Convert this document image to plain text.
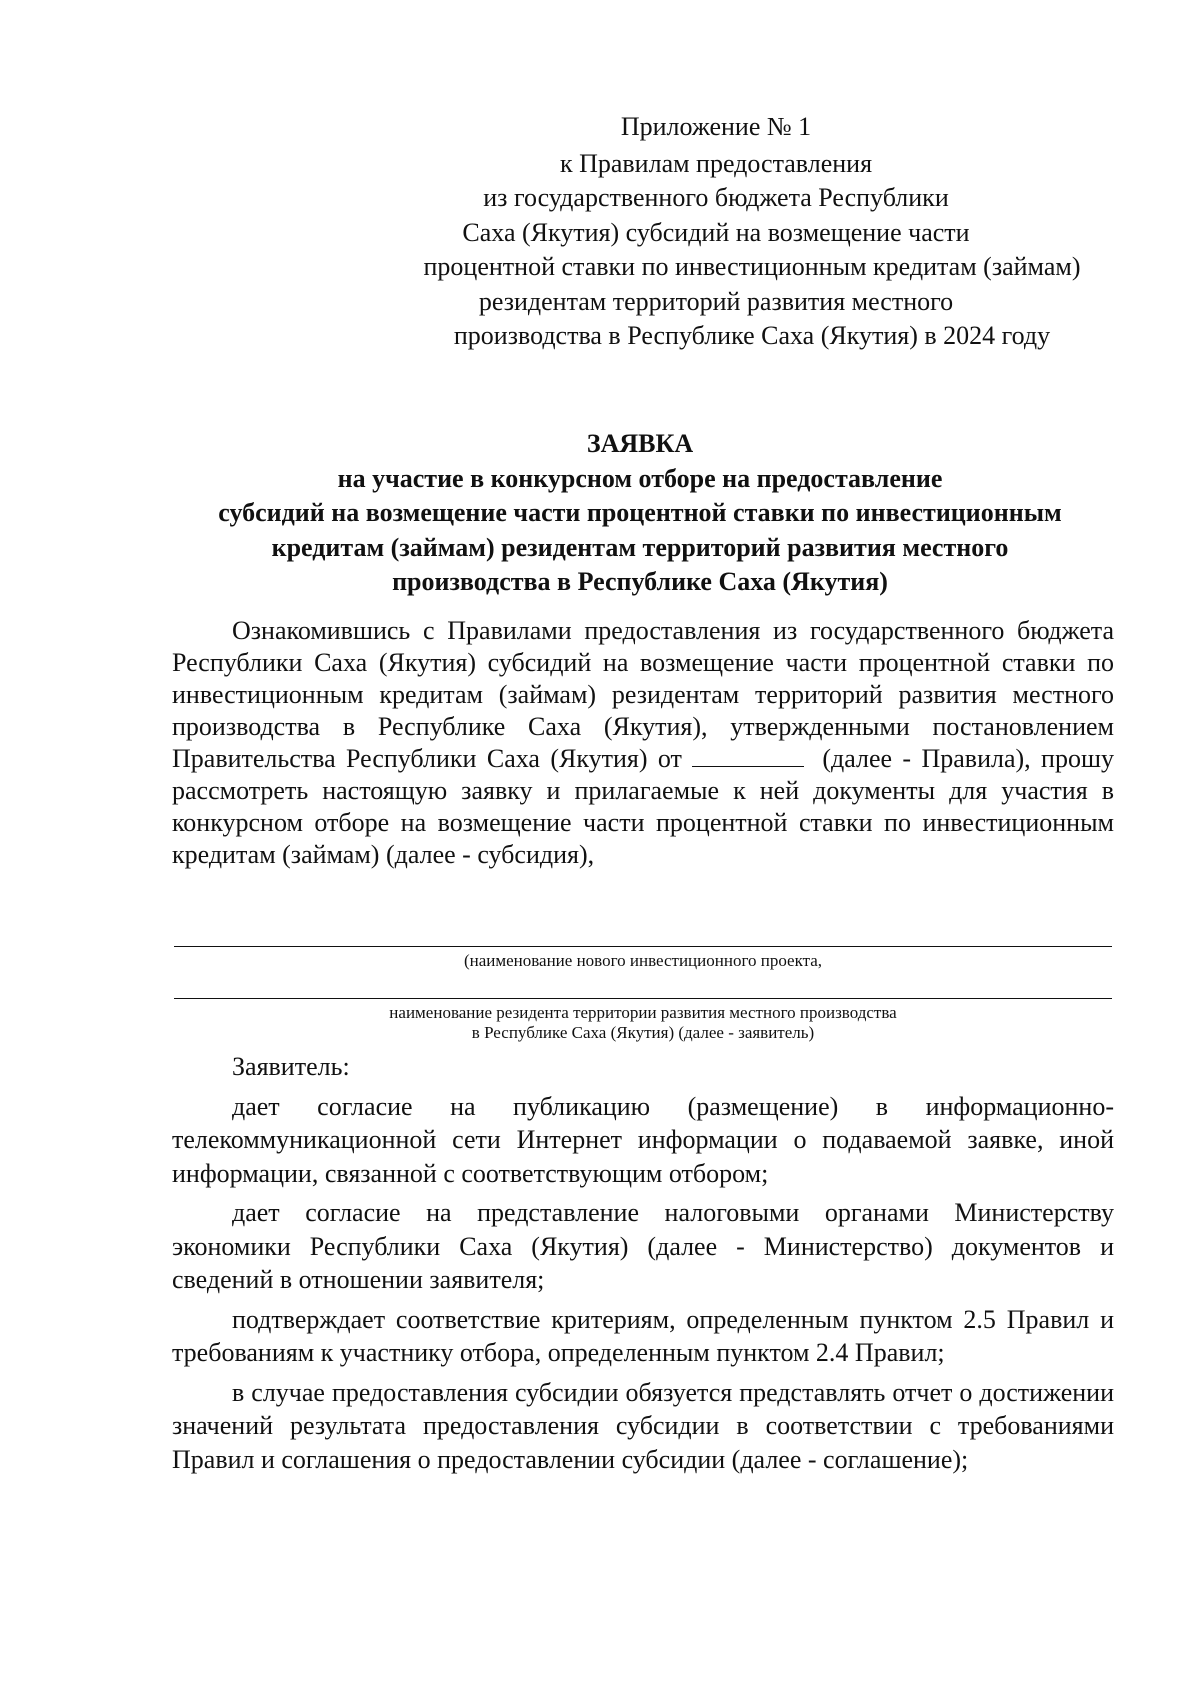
Приложение № 1
к Правилам предоставления
из государственного бюджета Республики
Саха (Якутия) субсидий на возмещение части
процентной ставки по инвестиционным кредитам (займам)
резидентам территорий развития местного
производства в Республике Саха (Якутия) в 2024 году
ЗАЯВКА
на участие в конкурсном отборе на предоставление
субсидий на возмещение части процентной ставки по инвестиционным
кредитам (займам) резидентам территорий развития местного
производства в Республике Саха (Якутия)

Ознакомившись с Правилами предоставления из государственного бюджета Республики Саха (Якутия) субсидий на возмещение части процентной ставки по инвестиционным кредитам (займам) резидентам территорий развития местного производства в Республике Саха (Якутия), утвержденными постановлением Правительства Республики Саха (Якутия) от	(далее - Правила), прошу рассмотреть настоящую заявку и прилагаемые к ней документы для участия в конкурсном отборе на возмещение части процентной ставки по инвестиционным кредитам (займам) (далее - субсидия),

(наименование нового инвестиционного проекта,
наименование резидента территории развития местного производства
в Республике Саха (Якутия) (далее - заявитель)

Заявитель:

дает согласие на публикацию (размещение) в информационно-телекоммуникационной сети Интернет информации о подаваемой заявке, иной информации, связанной с соответствующим отбором;

дает согласие на представление налоговыми органами Министерству экономики Республики Саха (Якутия) (далее - Министерство) документов и сведений в отношении заявителя;

подтверждает соответствие критериям, определенным пунктом 2.5 Правил и требованиям к участнику отбора, определенным пунктом 2.4 Правил;

в случае предоставления субсидии обязуется представлять отчет о достижении значений результата предоставления субсидии в соответствии с требованиями Правил и соглашения о предоставлении субсидии (далее - соглашение);
